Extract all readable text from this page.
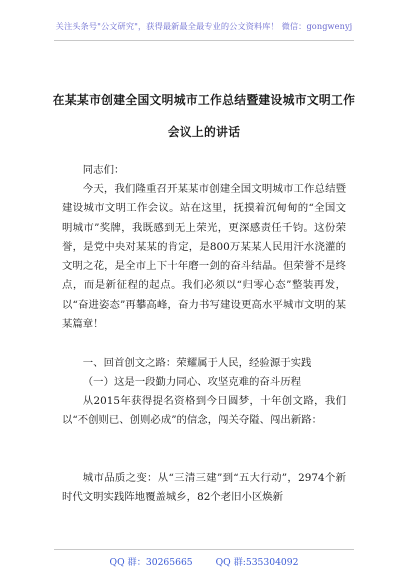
关注头条号"公文研究"，获得最新最全最专业的公文资料库！ 微信：gongwenyj
在某某市创建全国文明城市工作总结暨建设城市文明工作
会议上的讲话
同志们：
今天，我们隆重召开某某市创建全国文明城市工作总结暨建设城市文明工作会议。站在这里，抚摸着沉甸甸的“全国文明城市”奖牌，我既感到无上荣光，更深感责任千钧。这份荣誉，是党中央对某某的肯定，是800万某某人民用汗水浇灌的文明之花，是全市上下十年磨一剑的奋斗结晶。但荣誉不是终点，而是新征程的起点。我们必须以“归零心态”整装再发，以“奋进姿态”再攀高峰，奋力书写建设更高水平城市文明的某某篇章！
一、回首创文之路：荣耀属于人民，经验源于实践
（一）这是一段勤力同心、攻坚克难的奋斗历程
从2015年获得提名资格到今日圆梦，十年创文路，我们以“不创则已、创则必成”的信念，闯关夺隘、闯出新路：
城市品质之变：从“三清三建”到“五大行动”，2974个新时代文明实践阵地覆盖城乡，82个老旧小区焕新
QQ 群：30265665 QQ 群:535304092
